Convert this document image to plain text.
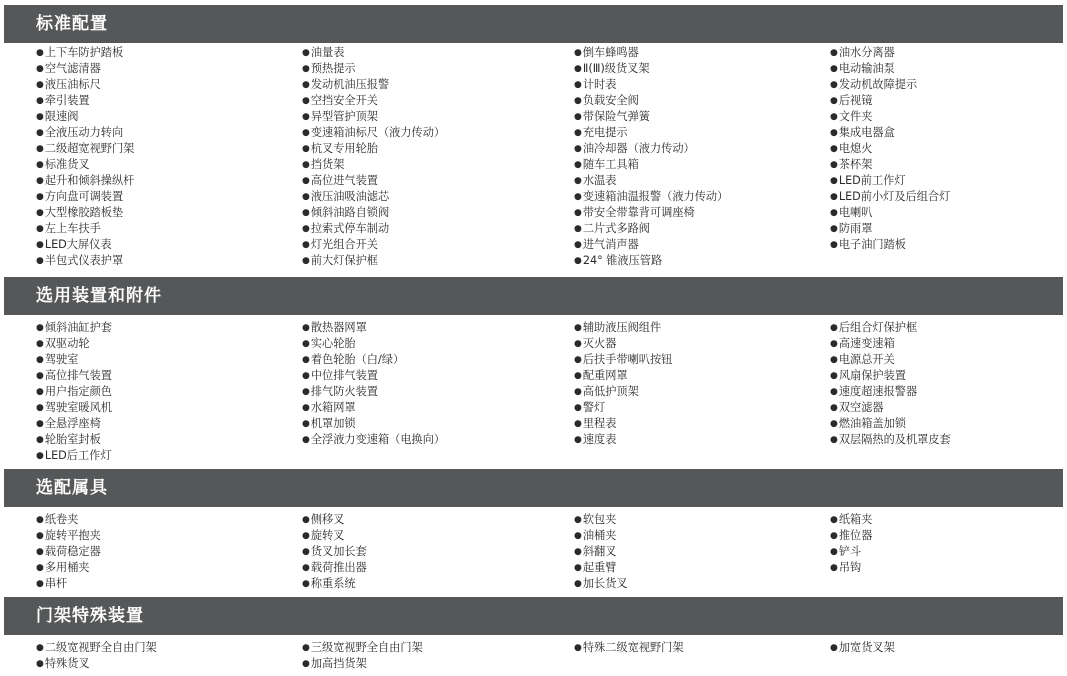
标准配置
● 上下车防护踏板
● 空气滤清器
● 液压油标尺
● 牵引装置
● 限速阀
● 全液压动力转向
● 二级超宽视野门架
● 标准货叉
● 起升和倾斜操纵杆
● 方向盘可调装置
● 大型橡胶踏板垫
● 左上车扶手
● LED大屏仪表
● 半包式仪表护罩
● 油量表
● 预热提示
● 发动机油压报警
● 空挡安全开关
● 异型管护顶架
● 变速箱油标尺（液力传动）
● 杭叉专用轮胎
● 挡货架
● 高位进气装置
● 液压油吸油滤芯
● 倾斜油路自锁阀
● 拉索式停车制动
● 灯光组合开关
● 前大灯保护框
● 倒车蜂鸣器
● Ⅱ(Ⅲ)级货叉架
● 计时表
● 负载安全阀
● 带保险气弹簧
● 充电提示
● 油冷却器（液力传动）
● 随车工具箱
● 水温表
● 变速箱油温报警（液力传动）
● 带安全带靠背可调座椅
● 二片式多路阀
● 进气消声器
● 24° 锥液压管路
● 油水分离器
● 电动输油泵
● 发动机故障提示
● 后视镜
● 文件夹
● 集成电器盒
● 电熄火
● 茶杯架
● LED前工作灯
● LED前小灯及后组合灯
● 电喇叭
● 防雨罩
● 电子油门踏板
选用装置和附件
● 倾斜油缸护套
● 双驱动轮
● 驾驶室
● 高位排气装置
● 用户指定颜色
● 驾驶室暖风机
● 全悬浮座椅
● 轮胎室封板
● LED后工作灯
● 散热器网罩
● 实心轮胎
● 着色轮胎（白/绿）
● 中位排气装置
● 排气防火装置
● 水箱网罩
● 机罩加锁
● 全浮液力变速箱（电换向）
● 辅助液压阀组件
● 灭火器
● 后扶手带喇叭按钮
● 配重网罩
● 高低护顶架
● 警灯
● 里程表
● 速度表
● 后组合灯保护框
● 高速变速箱
● 电源总开关
● 风扇保护装置
● 速度超速报警器
● 双空滤器
● 燃油箱盖加锁
● 双层隔热的及机罩皮套
选配属具
● 纸卷夹
● 旋转平抱夹
● 载荷稳定器
● 多用桶夹
● 串杆
● 侧移叉
● 旋转叉
● 货叉加长套
● 载荷推出器
● 称重系统
● 软包夹
● 油桶夹
● 斜翻叉
● 起重臂
● 加长货叉
● 纸箱夹
● 推位器
● 铲斗
● 吊钩
门架特殊装置
● 二级宽视野全自由门架
● 特殊货叉
● 三级宽视野全自由门架
● 加高挡货架
● 特殊二级宽视野门架
●	加宽货叉架
